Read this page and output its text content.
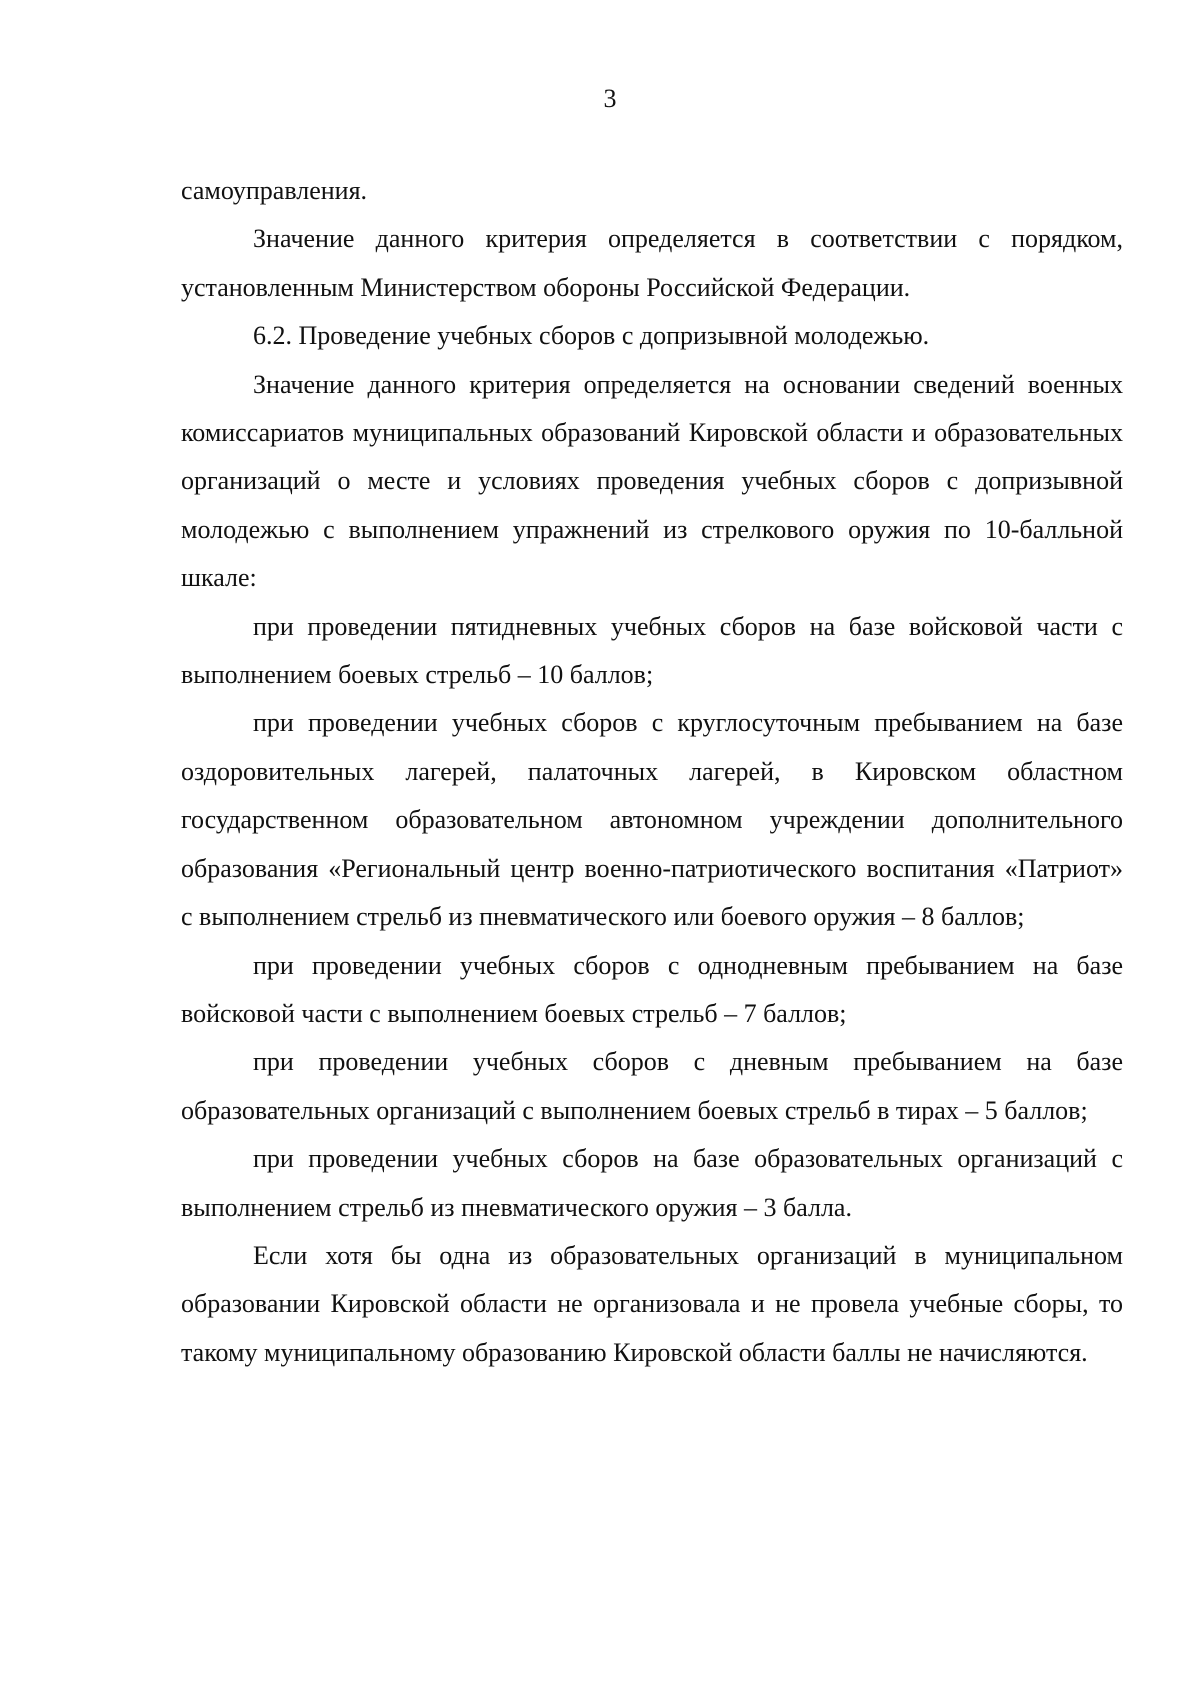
3

самоуправления.

Значение данного критерия определяется в соответствии с порядком, установленным Министерством обороны Российской Федерации.

6.2. Проведение учебных сборов с допризывной молодежью.

Значение данного критерия определяется на основании сведений военных комиссариатов муниципальных образований Кировской области и образовательных организаций о месте и условиях проведения учебных сборов с допризывной молодежью с выполнением упражнений из стрелкового оружия по 10-балльной шкале:

при проведении пятидневных учебных сборов на базе войсковой части с выполнением боевых стрельб – 10 баллов;

при проведении учебных сборов с круглосуточным пребыванием на базе оздоровительных лагерей, палаточных лагерей, в Кировском областном государственном образовательном автономном учреждении дополнительного образования «Региональный центр военно-патриотического воспитания «Патриот» с выполнением стрельб из пневматического или боевого оружия – 8 баллов;

при проведении учебных сборов с однодневным пребыванием на базе войсковой части с выполнением боевых стрельб – 7 баллов;

при проведении учебных сборов с дневным пребыванием на базе образовательных организаций с выполнением боевых стрельб в тирах – 5 баллов;

при проведении учебных сборов на базе образовательных организаций с выполнением стрельб из пневматического оружия – 3 балла.

Если хотя бы одна из образовательных организаций в муниципальном образовании Кировской области не организовала и не провела учебные сборы, то такому муниципальному образованию Кировской области баллы не начисляются.
